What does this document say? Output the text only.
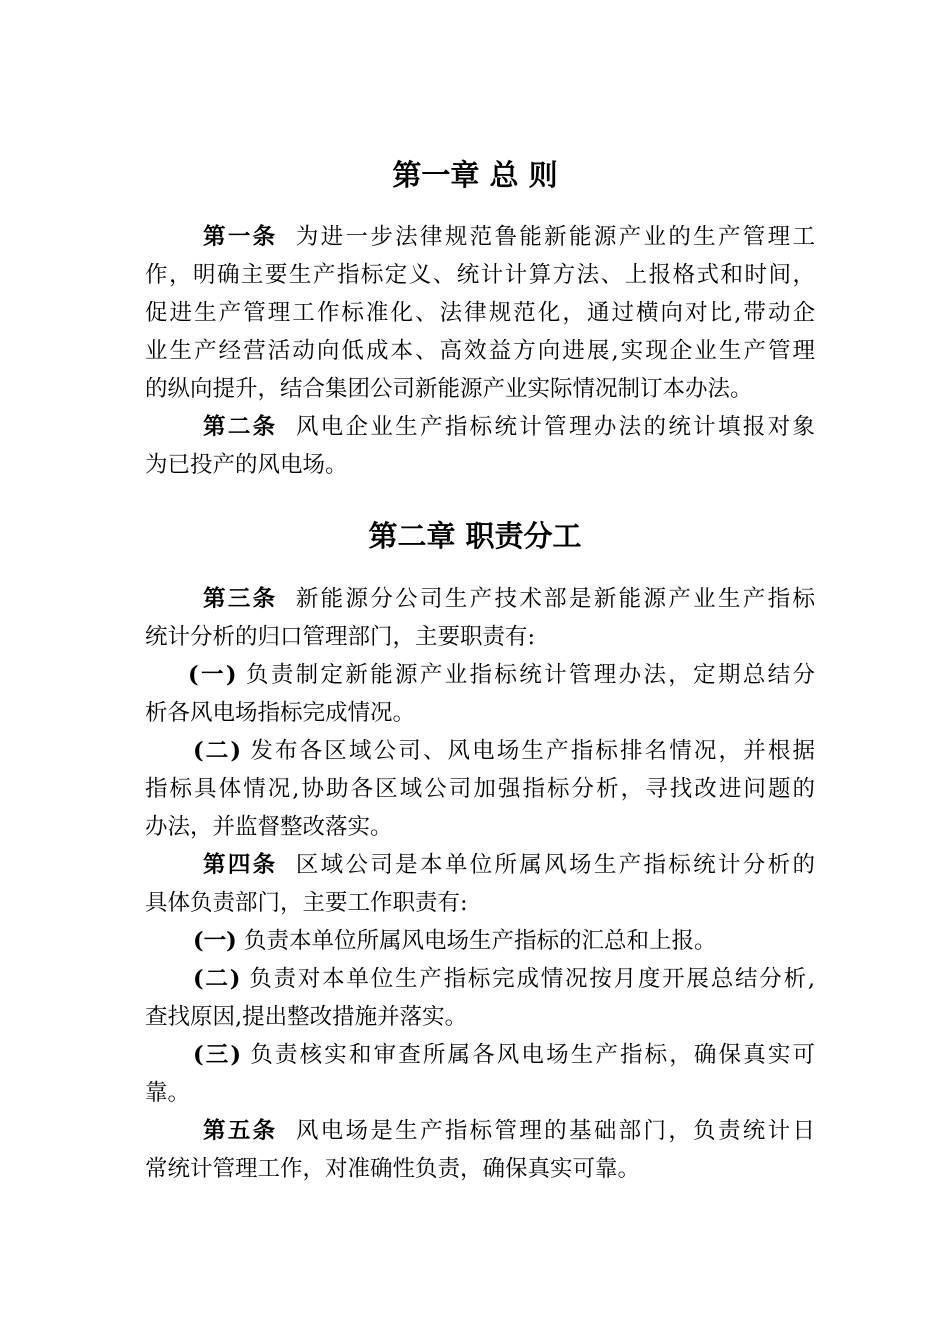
第一章 总 则
第一条 为进一步法律规范鲁能新能源产业的生产管理工
作，明确主要生产指标定义、统计计算方法、上报格式和时间，
促进生产管理工作标准化、法律规范化，通过横向对比,带动企
业生产经营活动向低成本、高效益方向进展,实现企业生产管理
的纵向提升，结合集团公司新能源产业实际情况制订本办法。
第二条 风电企业生产指标统计管理办法的统计填报对象
为已投产的风电场。
第二章 职责分工
第三条 新能源分公司生产技术部是新能源产业生产指标
统计分析的归口管理部门，主要职责有:
(一) 负责制定新能源产业指标统计管理办法，定期总结分
析各风电场指标完成情况。
(二) 发布各区域公司、风电场生产指标排名情况，并根据
指标具体情况,协助各区域公司加强指标分析，寻找改进问题的
办法，并监督整改落实。
第四条 区域公司是本单位所属风场生产指标统计分析的
具体负责部门，主要工作职责有:
(一) 负责本单位所属风电场生产指标的汇总和上报。
(二) 负责对本单位生产指标完成情况按月度开展总结分析,
查找原因,提出整改措施并落实。
(三) 负责核实和审查所属各风电场生产指标，确保真实可
靠。
第五条 风电场是生产指标管理的基础部门，负责统计日
常统计管理工作，对准确性负责，确保真实可靠。
